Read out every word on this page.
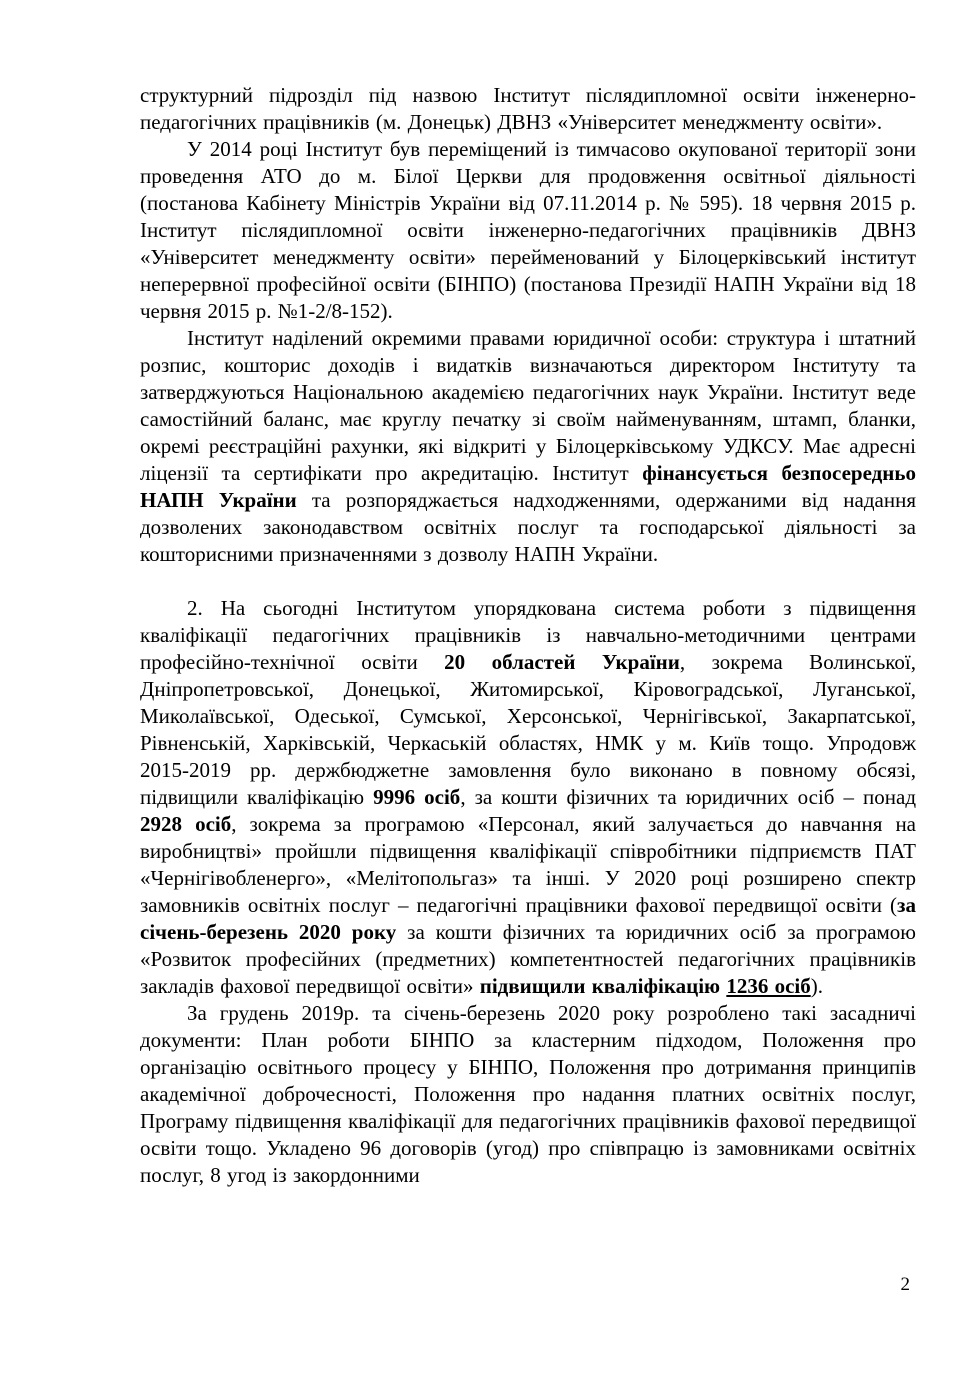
структурний підрозділ під назвою Інститут післядипломної освіти інженерно-педагогічних працівників (м. Донецьк) ДВНЗ «Університет менеджменту освіти».

У 2014 році Інститут був переміщений із тимчасово окупованої території зони проведення АТО до м. Білої Церкви для продовження освітньої діяльності (постанова Кабінету Міністрів України від 07.11.2014 р. № 595). 18 червня 2015 р. Інститут післядипломної освіти інженерно-педагогічних працівників ДВНЗ «Університет менеджменту освіти» перейменований у Білоцерківський інститут неперервної професійної освіти (БІНПО) (постанова Президії НАПН України від 18 червня 2015 р. №1-2/8-152).

Інститут наділений окремими правами юридичної особи: структура і штатний розпис, кошторис доходів і видатків визначаються директором Інституту та затверджуються Національною академією педагогічних наук України. Інститут веде самостійний баланс, має круглу печатку зі своїм найменуванням, штамп, бланки, окремі реєстраційні рахунки, які відкриті у Білоцерківському УДКСУ. Має адресні ліцензії та сертифікати про акредитацію. Інститут фінансується безпосередньо НАПН України та розпоряджається надходженнями, одержаними від надання дозволених законодавством освітніх послуг та господарської діяльності за кошторисними призначеннями з дозволу НАПН України.

2. На сьогодні Інститутом упорядкована система роботи з підвищення кваліфікації педагогічних працівників із навчально-методичними центрами професійно-технічної освіти 20 областей України, зокрема Волинської, Дніпропетровської, Донецької, Житомирської, Кіровоградської, Луганської, Миколаївської, Одеської, Сумської, Херсонської, Чернігівської, Закарпатської, Рівненській, Харківській, Черкаській областях, НМК у м. Київ тощо. Упродовж 2015-2019 рр. держбюджетне замовлення було виконано в повному обсязі, підвищили кваліфікацію 9996 осіб, за кошти фізичних та юридичних осіб – понад 2928 осіб, зокрема за програмою «Персонал, який залучається до навчання на виробництві» пройшли підвищення кваліфікації співробітники підприємств ПАТ «Чернігівобленерго», «Мелітопольгаз» та інші. У 2020 році розширено спектр замовників освітніх послуг – педагогічні працівники фахової передвищої освіти (за січень-березень 2020 року за кошти фізичних та юридичних осіб за програмою «Розвиток професійних (предметних) компетентностей педагогічних працівників закладів фахової передвищої освіти» підвищили кваліфікацію 1236 осіб).

За грудень 2019р. та січень-березень 2020 року розроблено такі засадничі документи: План роботи БІНПО за кластерним підходом, Положення про організацію освітнього процесу у БІНПО, Положення про дотримання принципів академічної доброчесності, Положення про надання платних освітніх послуг, Програму підвищення кваліфікації для педагогічних працівників фахової передвищої освіти тощо. Укладено 96 договорів (угод) про співпрацю із замовниками освітніх послуг, 8 угод із закордонними

2
